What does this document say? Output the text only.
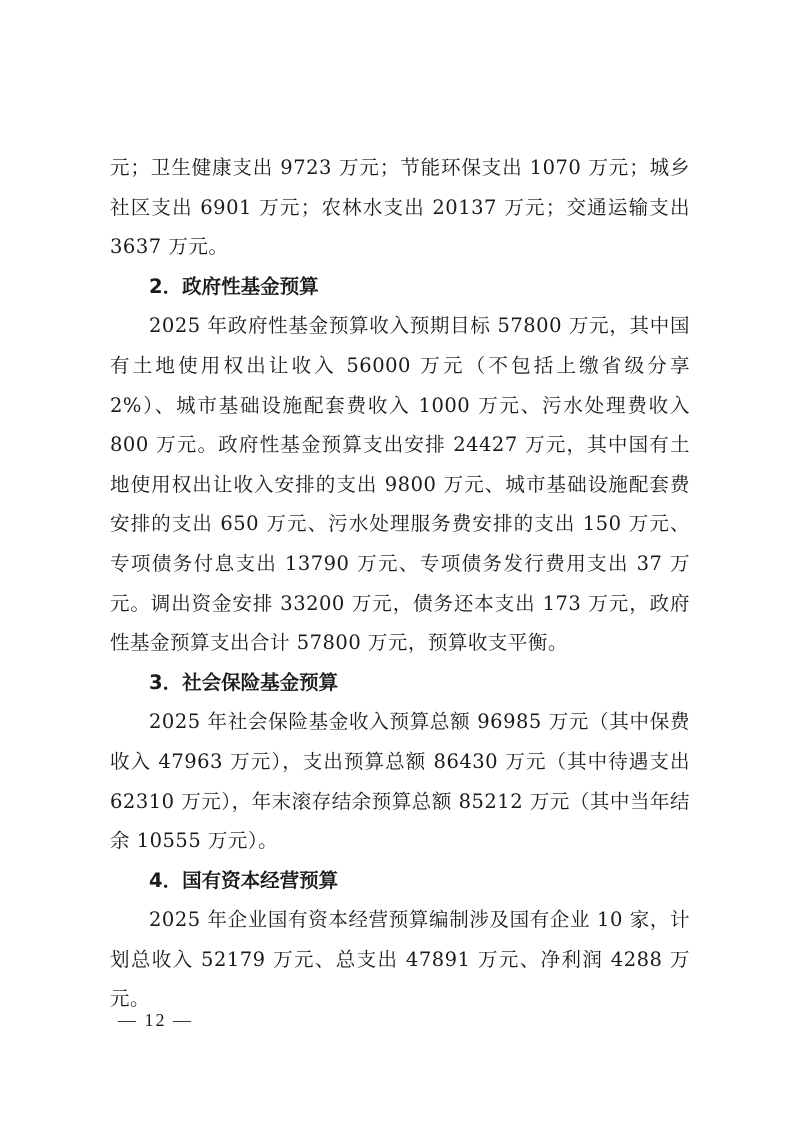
元；卫生健康支出 9723 万元；节能环保支出 1070 万元；城乡社区支出 6901 万元；农林水支出 20137 万元；交通运输支出 3637 万元。

2．政府性基金预算

2025 年政府性基金预算收入预期目标 57800 万元，其中国有土地使用权出让收入 56000 万元（不包括上缴省级分享 2%）、城市基础设施配套费收入 1000 万元、污水处理费收入 800 万元。政府性基金预算支出安排 24427 万元，其中国有土地使用权出让收入安排的支出 9800 万元、城市基础设施配套费安排的支出 650 万元、污水处理服务费安排的支出 150 万元、专项债务付息支出 13790 万元、专项债务发行费用支出 37 万元。调出资金安排 33200 万元，债务还本支出 173 万元，政府性基金预算支出合计 57800 万元，预算收支平衡。

3．社会保险基金预算

2025 年社会保险基金收入预算总额 96985 万元（其中保费收入 47963 万元），支出预算总额 86430 万元（其中待遇支出 62310 万元），年末滚存结余预算总额 85212 万元（其中当年结余 10555 万元）。

4．国有资本经营预算

2025 年企业国有资本经营预算编制涉及国有企业 10 家，计划总收入 52179 万元、总支出 47891 万元、净利润 4288 万元。

— 12 —
